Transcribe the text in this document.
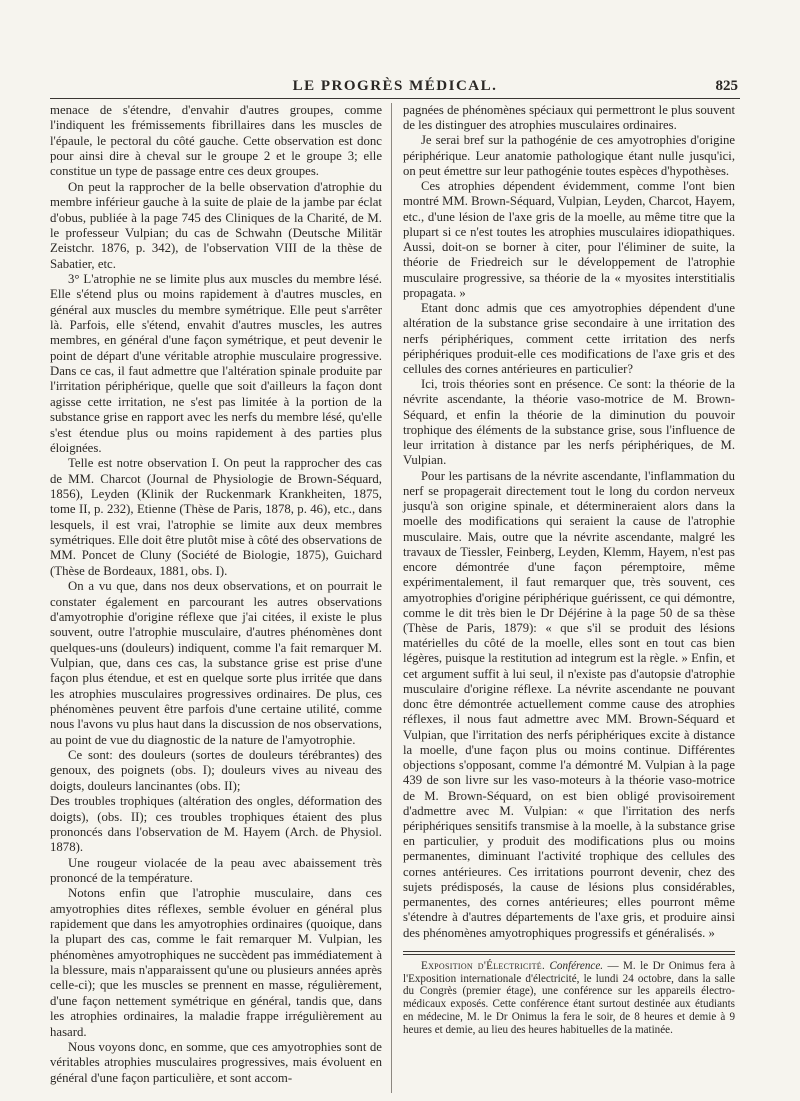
LE PROGRÈS MÉDICAL.	825

menace de s'étendre, d'envahir d'autres groupes, comme l'indiquent les frémissements fibrillaires dans les muscles de l'épaule, le pectoral du côté gauche. Cette observation est donc pour ainsi dire à cheval sur le groupe 2 et le groupe 3; elle constitue un type de passage entre ces deux groupes.

On peut la rapprocher de la belle observation d'atrophie du membre inférieur gauche à la suite de plaie de la jambe par éclat d'obus, publiée à la page 745 des Cliniques de la Charité, de M. le professeur Vulpian; du cas de Schwahn (Deutsche Militär Zeistchr. 1876, p. 342), de l'observation VIII de la thèse de Sabatier, etc.

3° L'atrophie ne se limite plus aux muscles du membre lésé. Elle s'étend plus ou moins rapidement à d'autres muscles, en général aux muscles du membre symétrique. Elle peut s'arrêter là. Parfois, elle s'étend, envahit d'autres muscles, les autres membres, en général d'une façon symétrique, et peut devenir le point de départ d'une véritable atrophie musculaire progressive. Dans ce cas, il faut admettre que l'altération spinale produite par l'irritation périphérique, quelle que soit d'ailleurs la façon dont agisse cette irritation, ne s'est pas limitée à la portion de la substance grise en rapport avec les nerfs du membre lésé, qu'elle s'est étendue plus ou moins rapidement à des parties plus éloignées.

Telle est notre observation I. On peut la rapprocher des cas de MM. Charcot (Journal de Physiologie de Brown-Séquard, 1856), Leyden (Klinik der Ruckenmark Krankheiten, 1875, tome II, p. 232), Etienne (Thèse de Paris, 1878, p. 46), etc., dans lesquels, il est vrai, l'atrophie se limite aux deux membres symétriques. Elle doit être plutôt mise à côté des observations de MM. Poncet de Cluny (Société de Biologie, 1875), Guichard (Thèse de Bordeaux, 1881, obs. I).

On a vu que, dans nos deux observations, et on pourrait le constater également en parcourant les autres observations d'amyotrophie d'origine réflexe que j'ai citées, il existe le plus souvent, outre l'atrophie musculaire, d'autres phénomènes dont quelques-uns (douleurs) indiquent, comme l'a fait remarquer M. Vulpian, que, dans ces cas, la substance grise est prise d'une façon plus étendue, et est en quelque sorte plus irritée que dans les atrophies musculaires progressives ordinaires. De plus, ces phénomènes peuvent être parfois d'une certaine utilité, comme nous l'avons vu plus haut dans la discussion de nos observations, au point de vue du diagnostic de la nature de l'amyotrophie.

Ce sont: des douleurs (sortes de douleurs térébrantes) des genoux, des poignets (obs. I); douleurs vives au niveau des doigts, douleurs lancinantes (obs. II);

Des troubles trophiques (altération des ongles, déformation des doigts), (obs. II); ces troubles trophiques étaient des plus prononcés dans l'observation de M. Hayem (Arch. de Physiol. 1878).

Une rougeur violacée de la peau avec abaissement très prononcé de la température.

Notons enfin que l'atrophie musculaire, dans ces amyotrophies dites réflexes, semble évoluer en général plus rapidement que dans les amyotrophies ordinaires (quoique, dans la plupart des cas, comme le fait remarquer M. Vulpian, les phénomènes amyotrophiques ne succèdent pas immédiatement à la blessure, mais n'apparaissent qu'une ou plusieurs années après celle-ci); que les muscles se prennent en masse, régulièrement, d'une façon nettement symétrique en général, tandis que, dans les atrophies ordinaires, la maladie frappe irrégulièrement au hasard.

Nous voyons donc, en somme, que ces amyotrophies sont de véritables atrophies musculaires progressives, mais évoluent en général d'une façon particulière, et sont accom-

pagnées de phénomènes spéciaux qui permettront le plus souvent de les distinguer des atrophies musculaires ordinaires.

Je serai bref sur la pathogénie de ces amyotrophies d'origine périphérique. Leur anatomie pathologique étant nulle jusqu'ici, on peut émettre sur leur pathogénie toutes espèces d'hypothèses.

Ces atrophies dépendent évidemment, comme l'ont bien montré MM. Brown-Séquard, Vulpian, Leyden, Charcot, Hayem, etc., d'une lésion de l'axe gris de la moelle, au même titre que la plupart si ce n'est toutes les atrophies musculaires idiopathiques. Aussi, doit-on se borner à citer, pour l'éliminer de suite, la théorie de Friedreich sur le développement de l'atrophie musculaire progressive, sa théorie de la « myosites interstitialis propagata. »

Etant donc admis que ces amyotrophies dépendent d'une altération de la substance grise secondaire à une irritation des nerfs périphériques, comment cette irritation des nerfs périphériques produit-elle ces modifications de l'axe gris et des cellules des cornes antérieures en particulier?

Ici, trois théories sont en présence. Ce sont: la théorie de la névrite ascendante, la théorie vaso-motrice de M. Brown-Séquard, et enfin la théorie de la diminution du pouvoir trophique des éléments de la substance grise, sous l'influence de leur irritation à distance par les nerfs périphériques, de M. Vulpian.

Pour les partisans de la névrite ascendante, l'inflammation du nerf se propagerait directement tout le long du cordon nerveux jusqu'à son origine spinale, et détermineraient alors dans la moelle des modifications qui seraient la cause de l'atrophie musculaire. Mais, outre que la névrite ascendante, malgré les travaux de Tiessler, Feinberg, Leyden, Klemm, Hayem, n'est pas encore démontrée d'une façon péremptoire, même expérimentalement, il faut remarquer que, très souvent, ces amyotrophies d'origine périphérique guérissent, ce qui démontre, comme le dit très bien le Dr Déjérine à la page 50 de sa thèse (Thèse de Paris, 1879): « que s'il se produit des lésions matérielles du côté de la moelle, elles sont en tout cas bien légères, puisque la restitution ad integrum est la règle. » Enfin, et cet argument suffit à lui seul, il n'existe pas d'autopsie d'atrophie musculaire d'origine réflexe. La névrite ascendante ne pouvant donc être démontrée actuellement comme cause des atrophies réflexes, il nous faut admettre avec MM. Brown-Séquard et Vulpian, que l'irritation des nerfs périphériques excite à distance la moelle, d'une façon plus ou moins continue. Différentes objections s'opposant, comme l'a démontré M. Vulpian à la page 439 de son livre sur les vaso-moteurs à la théorie vaso-motrice de M. Brown-Séquard, on est bien obligé provisoirement d'admettre avec M. Vulpian: « que l'irritation des nerfs périphériques sensitifs transmise à la moelle, à la substance grise en particulier, y produit des modifications plus ou moins permanentes, diminuant l'activité trophique des cellules des cornes antérieures. Ces irritations pourront devenir, chez des sujets prédisposés, la cause de lésions plus considérables, permanentes, des cornes antérieures; elles pourront même s'étendre à d'autres départements de l'axe gris, et produire ainsi des phénomènes amyotrophiques progressifs et généralisés. »

Exposition d'Électricité. Conférence. — M. le Dr Onimus fera à l'Exposition internationale d'électricité, le lundi 24 octobre, dans la salle du Congrès (premier étage), une conférence sur les appareils électro-médicaux exposés. Cette conférence étant surtout destinée aux étudiants en médecine, M. le Dr Onimus la fera le soir, de 8 heures et demie à 9 heures et demie, au lieu des heures habituelles de la matinée.
